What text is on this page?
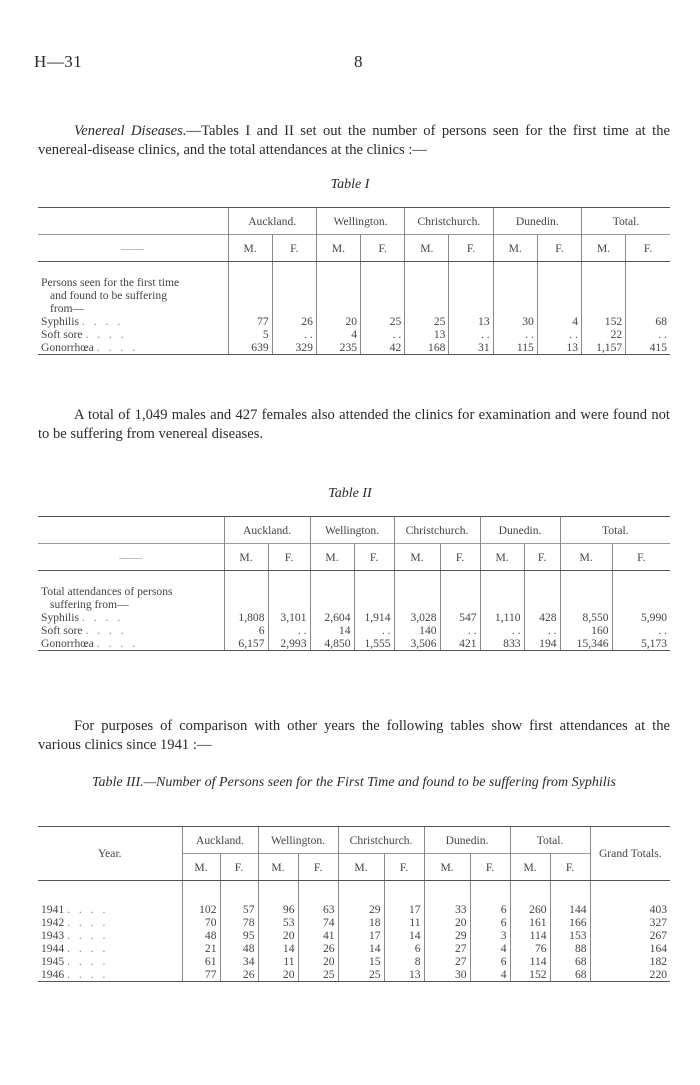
H—31	8

Venereal Diseases.—Tables I and II set out the number of persons seen for the first time at the venereal-disease clinics, and the total attendances at the clinics :—

Table I
	Auckland.		Wellington.		Christchurch.		Dunedin.		Total.	
——	M.	F.	M.	F.	M.	F.	M.	F.	M.	F.

Persons seen for the first time										
and found to be suffering										
from—										
Syphilis . . . .	77	26	20	25	25	13	30	4	152	68
Soft sore . . . .	5	. .	4	. .	13	. .	. .	. .	22	. .
Gonorrhœa . . . .	639	329	235	42	168	31	115	13	1,157	415

A total of 1,049 males and 427 females also attended the clinics for examination and were found not to be suffering from venereal diseases.

Table II
	Auckland.		Wellington.		Christchurch.		Dunedin.		Total.	
——	M.	F.	M.	F.	M.	F.	M.	F.	M.	F.

Total attendances of persons										
suffering from—										
Syphilis . . . .	1,808	3,101	2,604	1,914	3,028	547	1,110	428	8,550	5,990
Soft sore . . . .	6	. .	14	. .	140	. .	. .	. .	160	. .
Gonorrhœa . . . .	6,157	2,993	4,850	1,555	3,506	421	833	194	15,346	5,173

For purposes of comparison with other years the following tables show first attendances at the various clinics since 1941 :—

Table III.—Number of Persons seen for the First Time and found to be suffering from Syphilis

Year.	Auckland.		Wellington.		Christchurch.		Dunedin.		Total.		Grand Totals.
	M.	F.	M.	F.	M.	F.	M.	F.	M.	F.	

1941 . . . .	102	57	96	63	29	17	33	6	260	144	403
1942 . . . .	70	78	53	74	18	11	20	6	161	166	327
1943 . . . .	48	95	20	41	17	14	29	3	114	153	267
1944 . . . .	21	48	14	26	14	6	27	4	76	88	164
1945 . . . .	61	34	11	20	15	8	27	6	114	68	182
1946 . . . .	77	26	20	25	25	13	30	4	152	68	220
